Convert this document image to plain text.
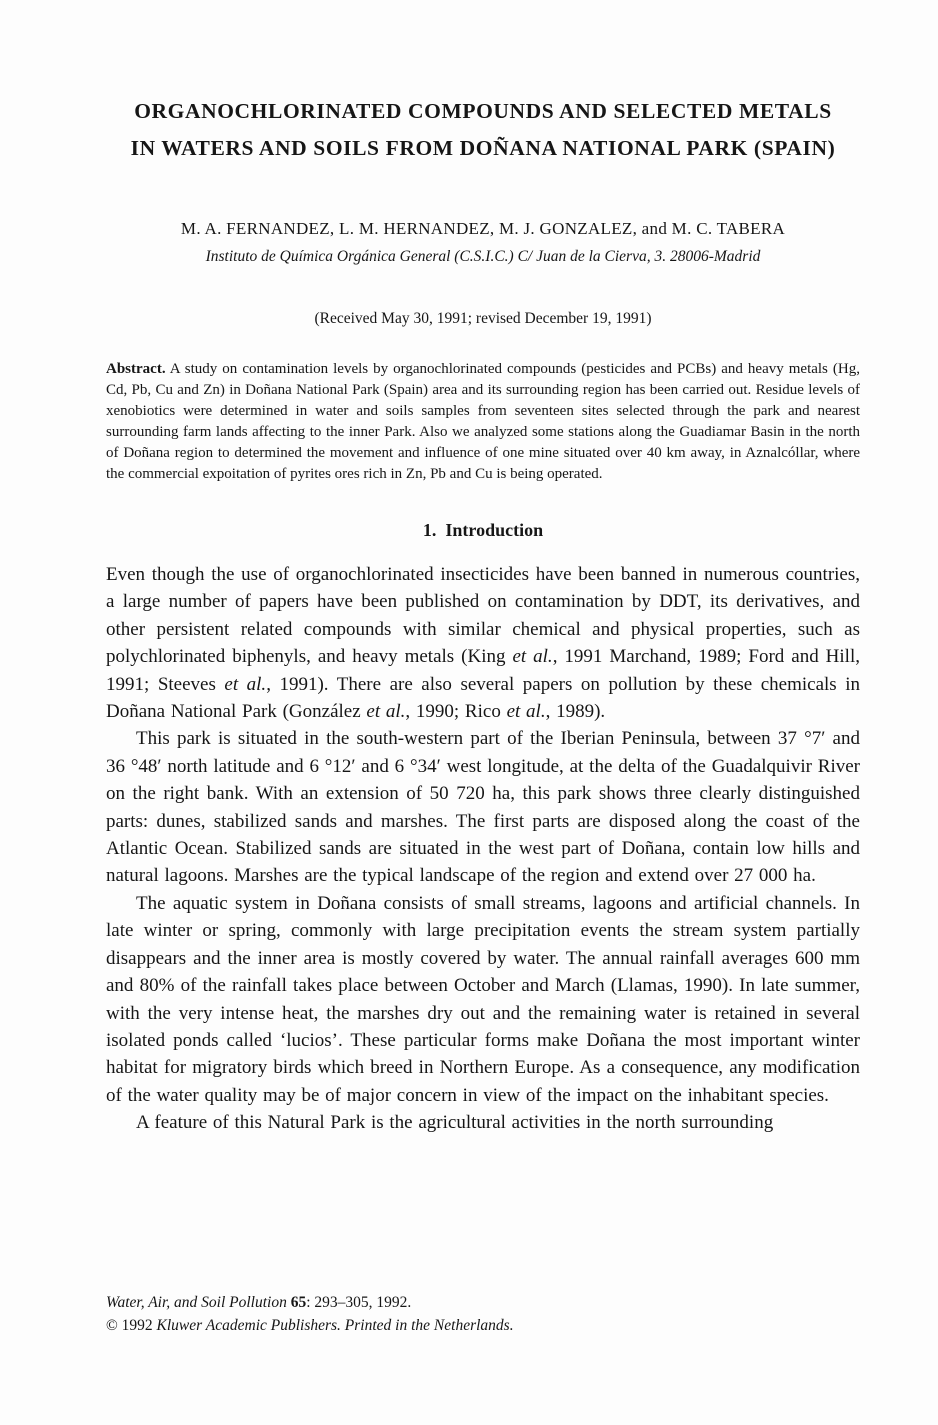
ORGANOCHLORINATED COMPOUNDS AND SELECTED METALS
IN WATERS AND SOILS FROM DOÑANA NATIONAL PARK (SPAIN)
M. A. FERNANDEZ, L. M. HERNANDEZ, M. J. GONZALEZ, and M. C. TABERA
Instituto de Química Orgánica General (C.S.I.C.) C/ Juan de la Cierva, 3. 28006-Madrid
(Received May 30, 1991; revised December 19, 1991)
Abstract. A study on contamination levels by organochlorinated compounds (pesticides and PCBs) and heavy metals (Hg, Cd, Pb, Cu and Zn) in Doñana National Park (Spain) area and its surrounding region has been carried out. Residue levels of xenobiotics were determined in water and soils samples from seventeen sites selected through the park and nearest surrounding farm lands affecting to the inner Park. Also we analyzed some stations along the Guadiamar Basin in the north of Doñana region to determined the movement and influence of one mine situated over 40 km away, in Aznalcóllar, where the commercial expoitation of pyrites ores rich in Zn, Pb and Cu is being operated.
1. Introduction

Even though the use of organochlorinated insecticides have been banned in numerous countries, a large number of papers have been published on contamination by DDT, its derivatives, and other persistent related compounds with similar chemical and physical properties, such as polychlorinated biphenyls, and heavy metals (King et al., 1991 Marchand, 1989; Ford and Hill, 1991; Steeves et al., 1991). There are also several papers on pollution by these chemicals in Doñana National Park (González et al., 1990; Rico et al., 1989).

This park is situated in the south-western part of the Iberian Peninsula, between 37 °7′ and 36 °48′ north latitude and 6 °12′ and 6 °34′ west longitude, at the delta of the Guadalquivir River on the right bank. With an extension of 50 720 ha, this park shows three clearly distinguished parts: dunes, stabilized sands and marshes. The first parts are disposed along the coast of the Atlantic Ocean. Stabilized sands are situated in the west part of Doñana, contain low hills and natural lagoons. Marshes are the typical landscape of the region and extend over 27 000 ha.

The aquatic system in Doñana consists of small streams, lagoons and artificial channels. In late winter or spring, commonly with large precipitation events the stream system partially disappears and the inner area is mostly covered by water. The annual rainfall averages 600 mm and 80% of the rainfall takes place between October and March (Llamas, 1990). In late summer, with the very intense heat, the marshes dry out and the remaining water is retained in several isolated ponds called ‘lucios’. These particular forms make Doñana the most important winter habitat for migratory birds which breed in Northern Europe. As a consequence, any modification of the water quality may be of major concern in view of the impact on the inhabitant species.

A feature of this Natural Park is the agricultural activities in the north surrounding

Water, Air, and Soil Pollution 65: 293–305, 1992.
© 1992 Kluwer Academic Publishers. Printed in the Netherlands.
